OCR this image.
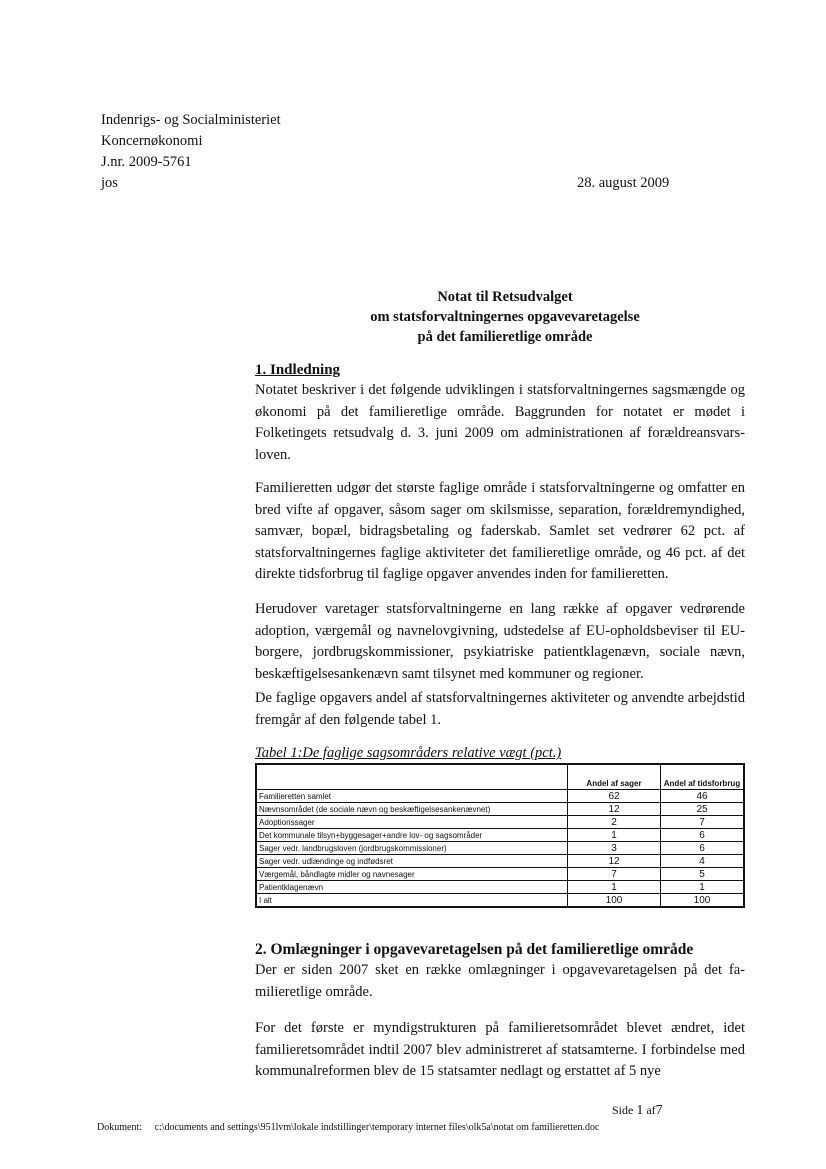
Indenrigs- og Socialministeriet
Koncernøkonomi
J.nr. 2009-5761
jos	28. august 2009
Notat til Retsudvalget
om statsforvaltningernes opgavevaretagelse
på det familieretlige område
1. Indledning

Notatet beskriver i det følgende udviklingen i statsforvaltningernes sagsmængde og økonomi på det familieretlige område. Baggrunden for notatet er mødet i Folketingets retsudvalg d. 3. juni 2009 om administrationen af forældreansvarsloven.

Familieretten udgør det største faglige område i statsforvaltningerne og omfatter en bred vifte af opgaver, såsom sager om skilsmisse, separation, forældremyndighed, samvær, bopæl, bidragsbetaling og faderskab. Samlet set vedrører 62 pct. af statsforvaltningernes faglige aktiviteter det familieretlige område, og 46 pct. af det direkte tidsforbrug til faglige opgaver anvendes inden for familieretten.

Herudover varetager statsforvaltningerne en lang række af opgaver vedrørende adoption, værgemål og navnelovgivning, udstedelse af EU-opholdsbeviser til EU-borgere, jordbrugskommissioner, psykiatriske patientklagenævn, sociale nævn, beskæftigelsesankenævn samt tilsynet med kommuner og regioner.

De faglige opgavers andel af statsforvaltningernes aktiviteter og anvendte arbejdstid fremgår af den følgende tabel 1.

Tabel 1:De faglige sagsområders relative vægt (pct.)
	Andel af sager	Andel af tidsforbrug
Familieretten samlet	62	46
Nævnsområdet (de sociale nævn og beskæftigelsesankenævnet)	12	25
Adoptionssager	2	7
Det kommunale tilsyn+byggesager+andre lov- og sagsområder	1	6
Sager vedr. landbrugsloven (jordbrugskommissioner)	3	6
Sager vedr. udlændinge og indfødsret	12	4
Værgemål, båndlagte midler og navnesager	7	5
Patientklagenævn	1	1
I alt	100	100
2. Omlægninger i opgavevaretagelsen på det familieretlige område

Der er siden 2007 sket en række omlægninger i opgavevaretagelsen på det familieretlige område.

For det første er myndigstrukturen på familieretsområdet blevet ændret, idet familieretsområdet indtil 2007 blev administreret af statsamterne. I forbindelse med kommunalreformen blev de 15 statsamter nedlagt og erstattet af 5 nye

Side 1 af7
Dokument: c:\documents and settings\951lvm\lokale indstillinger\temporary internet files\olk5a\notat om familieretten.doc
